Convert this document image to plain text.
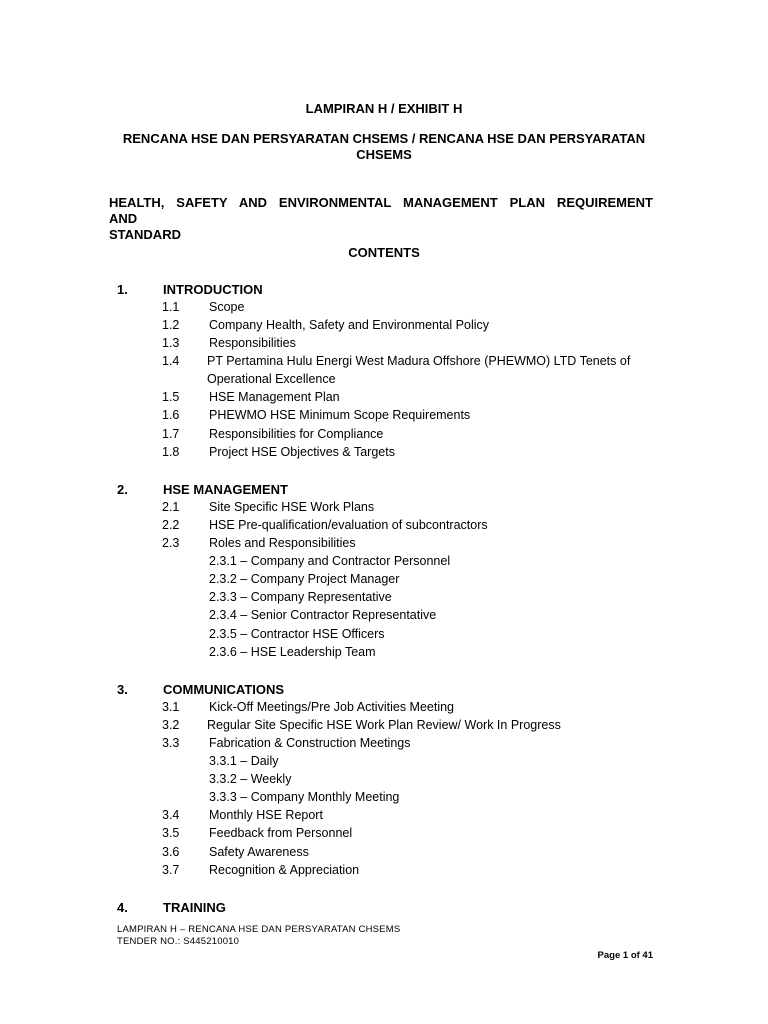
LAMPIRAN H / EXHIBIT H
RENCANA HSE DAN PERSYARATAN CHSEMS / RENCANA HSE DAN PERSYARATAN
CHSEMS
HEALTH, SAFETY AND ENVIRONMENTAL MANAGEMENT PLAN REQUIREMENT AND
STANDARD
CONTENTS
1.	INTRODUCTION
1.1 Scope
1.2 Company Health, Safety and Environmental Policy
1.3 Responsibilities
1.4 PT Pertamina Hulu Energi West Madura Offshore (PHEWMO) LTD Tenets of
Operational Excellence
1.5 HSE Management Plan
1.6 PHEWMO HSE Minimum Scope Requirements
1.7 Responsibilities for Compliance
1.8 Project HSE Objectives & Targets
2.	HSE MANAGEMENT
2.1 Site Specific HSE Work Plans
2.2 HSE Pre-qualification/evaluation of subcontractors
2.3 Roles and Responsibilities
2.3.1 – Company and Contractor Personnel
2.3.2 – Company Project Manager
2.3.3 – Company Representative
2.3.4 – Senior Contractor Representative
2.3.5 – Contractor HSE Officers
2.3.6 – HSE Leadership Team
3.	COMMUNICATIONS
3.1 Kick-Off Meetings/Pre Job Activities Meeting
3.2 Regular Site Specific HSE Work Plan Review/ Work In Progress
3.3 Fabrication & Construction Meetings
3.3.1 – Daily
3.3.2 – Weekly
3.3.3 – Company Monthly Meeting
3.4 Monthly HSE Report
3.5 Feedback from Personnel
3.6 Safety Awareness
3.7 Recognition & Appreciation
4.	TRAINING
LAMPIRAN H – RENCANA HSE DAN PERSYARATAN CHSEMS
TENDER NO.: S445210010
Page 1 of 41
